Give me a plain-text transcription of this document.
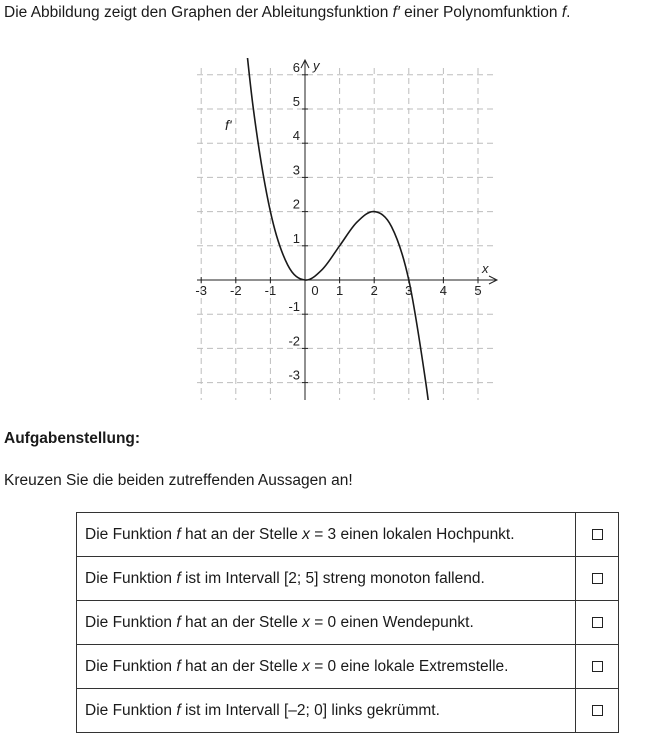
Die Abbildung zeigt den Graphen der Ableitungsfunktion f′ einer Polynomfunktion f.
-3 -2 -1	0 1 2 3 4 5
-3
-2
-1
1
2
3
4
5
6
x
y
f'
Aufgabenstellung:
Kreuzen Sie die beiden zutreffenden Aussagen an!
Die Funktion f hat an der Stelle x = 3 einen lokalen Hochpunkt.	
Die Funktion f ist im Intervall [2; 5] streng monoton fallend.	
Die Funktion f hat an der Stelle x = 0 einen Wendepunkt.	
Die Funktion f hat an der Stelle x = 0 eine lokale Extremstelle.	
Die Funktion f ist im Intervall [–2; 0] links gekrümmt.	
